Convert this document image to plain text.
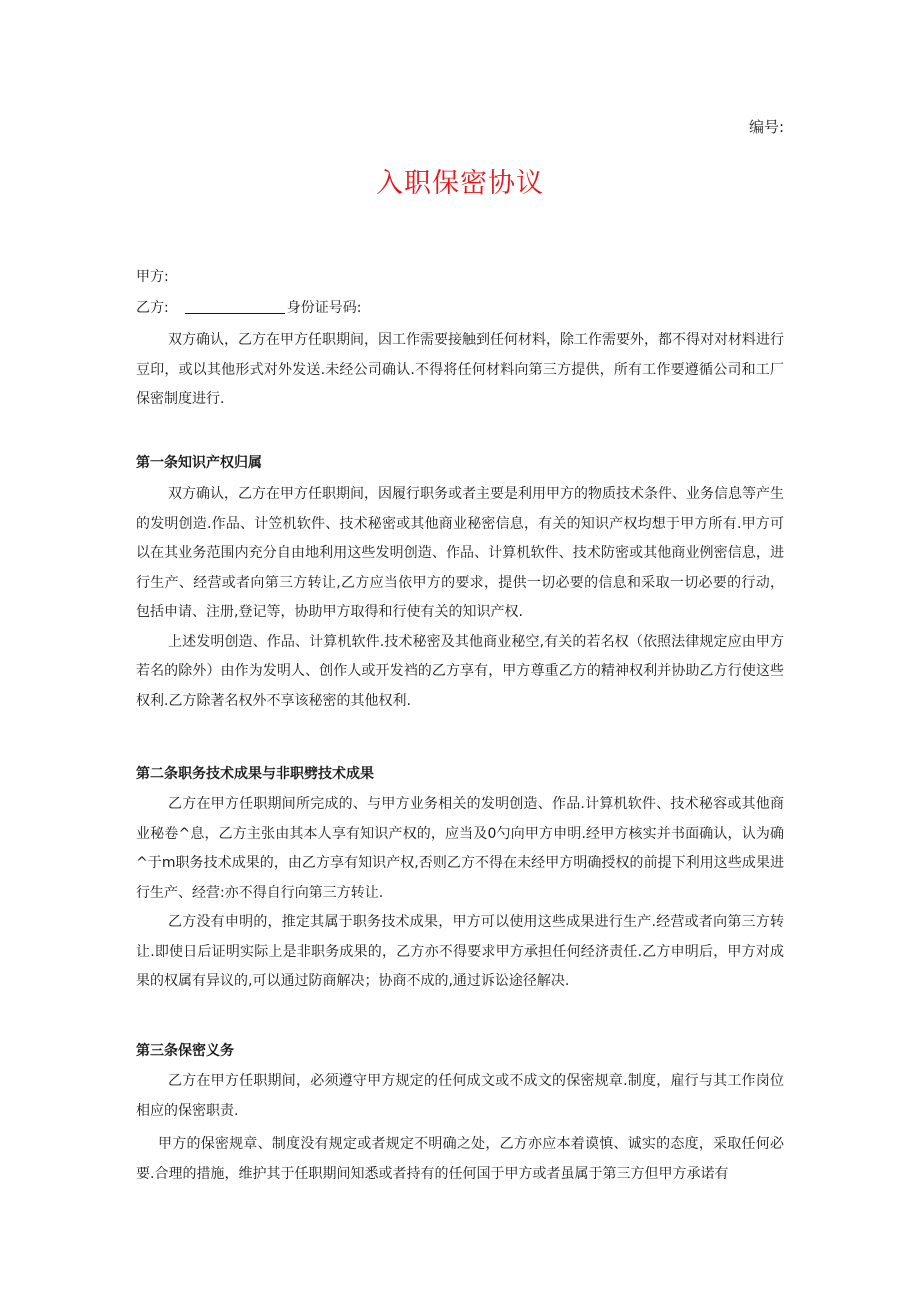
编号:
入职保密协议
甲方:
乙方:	身份证号码:

双方确认，乙方在甲方任职期间，因工作需要接触到任何材料，除工作需要外，都不得对对材料进行豆印，或以其他形式对外发送.未经公司确认.不得将任何材料向第三方提供，所有工作要遵循公司和工厂保密制度进行.

第一条知识产权归属

双方确认，乙方在甲方任职期间，因履行职务或者主要是利用甲方的物质技术条件、业务信息等产生的发明创造.作品、计笠机软件、技术秘密或其他商业秘密信息，有关的知识产权均想于甲方所有.甲方可以在其业务范围内充分自由地利用这些发明创造、作品、计算机软件、技术防密或其他商业例密信息，进行生产、经营或者向第三方转让,乙方应当依甲方的要求，提供一切必要的信息和采取一切必要的行动，包括申请、注册,登记等，协助甲方取得和行使有关的知识产权.

上述发明创造、作品、计算机软件.技术秘密及其他商业秘空,有关的若名权（依照法律规定应由甲方若名的除外）由作为发明人、创作人或开发裆的乙方享有，甲方尊重乙方的精神权利并协助乙方行使这些权利.乙方除著名权外不享该秘密的其他权利.

第二条职务技术成果与非职劈技术成果

乙方在甲方任职期间所完成的、与甲方业务相关的发明创造、作品.计算机软件、技术秘容或其他商业秘卷^息，乙方主张由其本人享有知识产权的，应当及0勺向甲方申明.经甲方核实并书面确认，认为确^于m职务技术成果的，由乙方享有知识产权,否则乙方不得在未经甲方明确授权的前提下利用这些成果进行生产、经营:亦不得自行向第三方转让.

乙方没有申明的，推定其属于职务技术成果，甲方可以使用这些成果进行生产.经营或者向第三方转让.即使日后证明实际上是非职务成果的，乙方亦不得要求甲方承担任何经济责任.乙方申明后，甲方对成果的权属有异议的,可以通过防商解决；协商不成的,通过诉讼途径解决.

第三条保密义务

乙方在甲方任职期间，必须遵守甲方规定的任何成文或不成文的保密规章.制度，雇行与其工作岗位相应的保密职责.

甲方的保密规章、制度没有规定或者规定不明确之处，乙方亦应本着谟慎、诚实的态度，采取任何必要.合理的措施，维护其于任职期间知悉或者持有的任何国于甲方或者虽属于第三方但甲方承诺有
